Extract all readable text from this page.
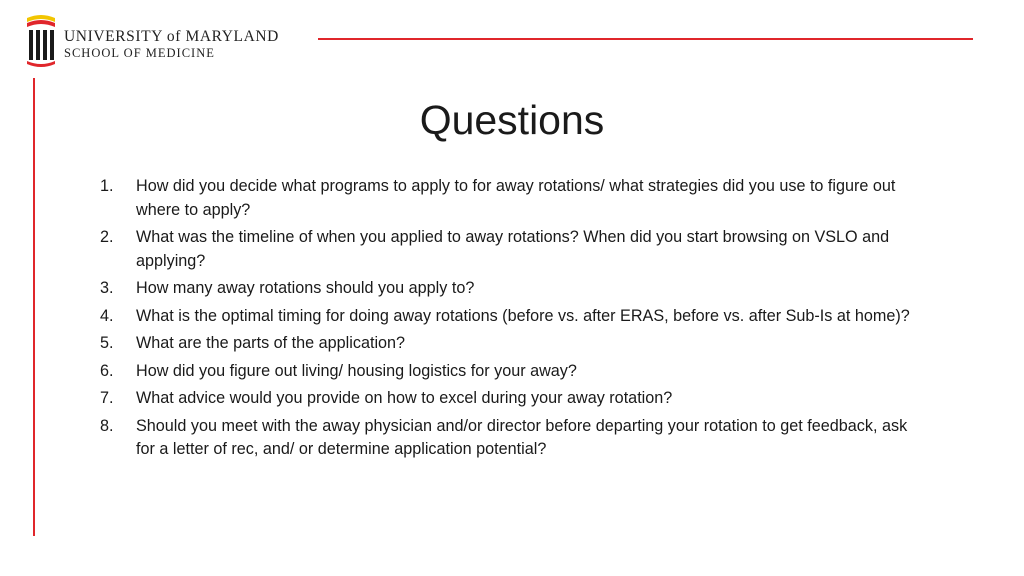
UNIVERSITY of MARYLAND
SCHOOL OF MEDICINE
Questions
1.	How did you decide what programs to apply to for away rotations/ what strategies did you use to figure out where to apply?
2.	What was the timeline of when you applied to away rotations? When did you start browsing on VSLO and applying?
3.	How many away rotations should you apply to?
4.	What is the optimal timing for doing away rotations (before vs. after ERAS, before vs. after Sub-Is at home)?
5.	What are the parts of the application?
6.	How did you figure out living/ housing logistics for your away?
7.	What advice would you provide on how to excel during your away rotation?
8.	Should you meet with the away physician and/or director before departing your rotation to get feedback, ask for a letter of rec, and/ or determine application potential?
